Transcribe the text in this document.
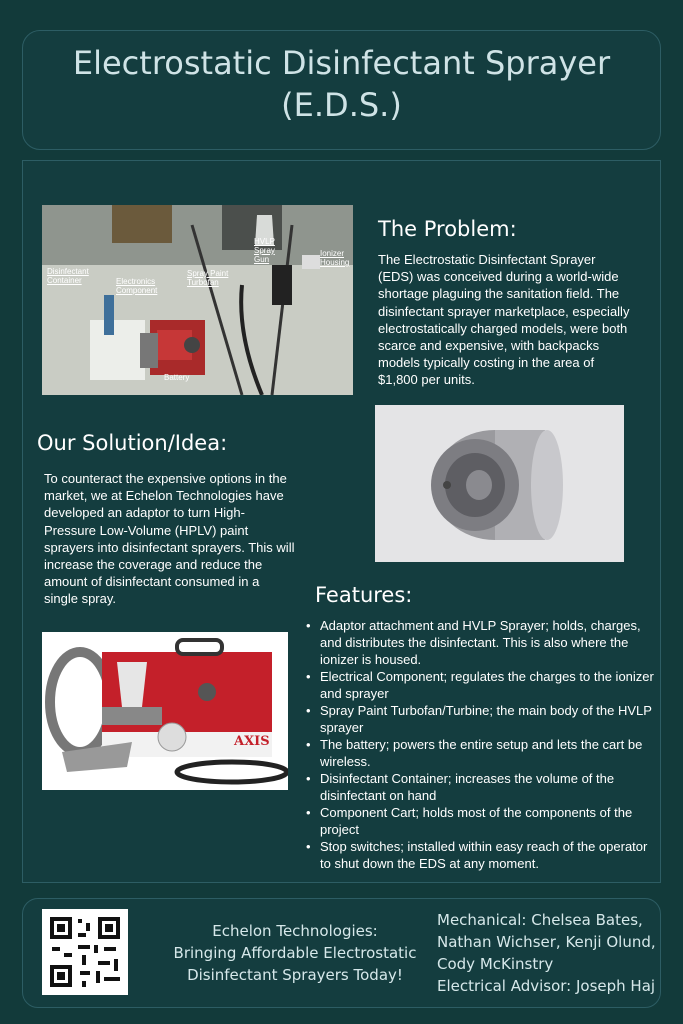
Electrostatic Disinfectant Sprayer
(E.D.S.)
Disinfectant Container	Electronics Component
Spray Paint Turbofan
HVLP Spray Gun
Ionizer Housing
Battery
The Problem:
The Electrostatic Disinfectant Sprayer (EDS) was conceived during a world-wide shortage plaguing the sanitation field. The disinfectant sprayer marketplace, especially electrostatically charged models, were both scarce and expensive, with backpacks models typically costing in the area of $1,800 per units.
Our Solution/Idea:
To counteract the expensive options in the market, we at Echelon Technologies have developed an adaptor to turn High-Pressure Low-Volume (HPLV) paint sprayers into disinfectant sprayers. This will increase the coverage and reduce the amount of disinfectant consumed in a single spray.	Features:
• Adaptor attachment and HVLP Sprayer; holds, charges, and distributes the disinfectant. This is also where the ionizer is housed.
• Electrical Component; regulates the charges to the ionizer and sprayer
• Spray Paint Turbofan/Turbine; the main body of the HVLP sprayer
• The battery; powers the entire setup and lets the cart be wireless.
• Disinfectant Container; increases the volume of the disinfectant on hand
• Component Cart; holds most of the components of the project
• Stop switches; installed within easy reach of the operator to shut down the EDS at any moment.
AXIS
Echelon Technologies:
Bringing Affordable Electrostatic
Disinfectant Sprayers Today!
Mechanical: Chelsea Bates,
Nathan Wichser, Kenji Olund,
Cody McKinstry
Electrical Advisor: Joseph Haj
